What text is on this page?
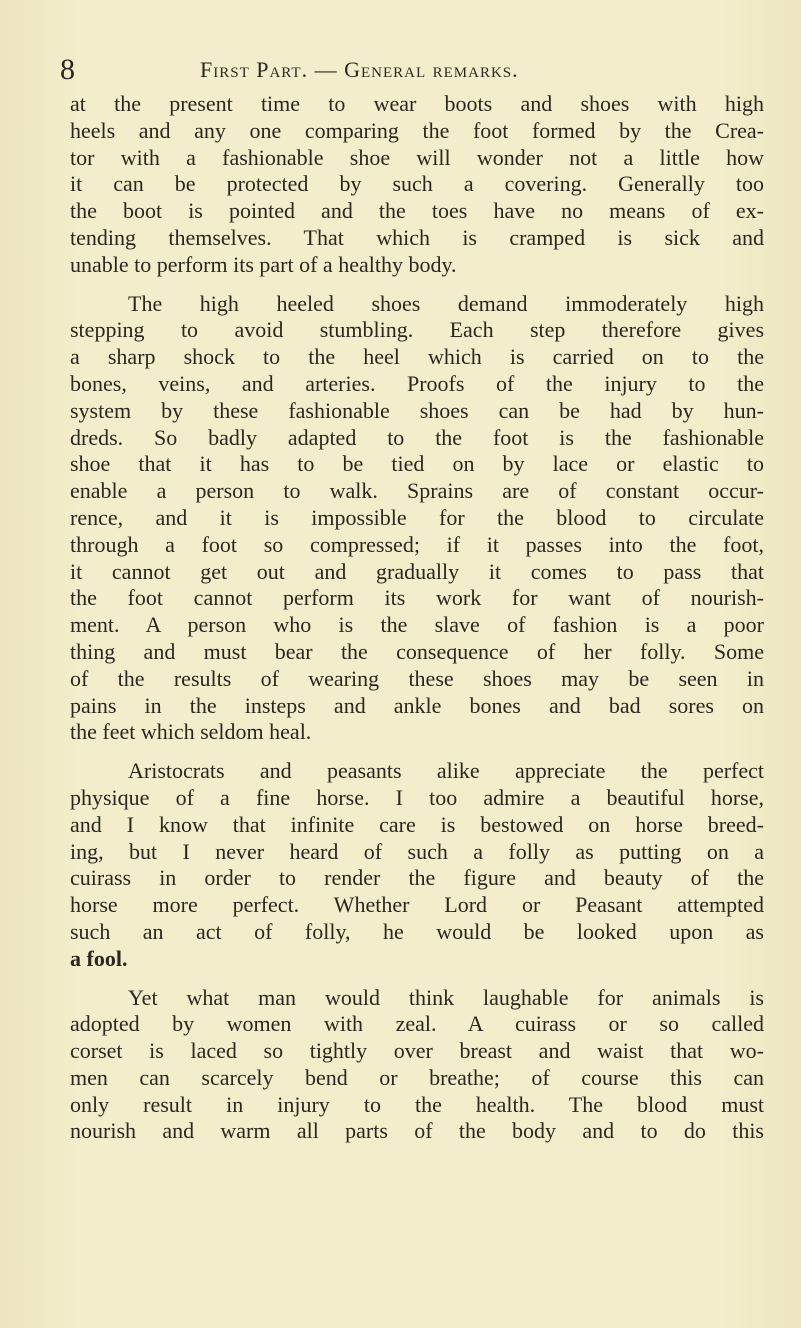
8	First Part. — General remarks.
at the present time to wear boots and shoes with high
heels and any one comparing the foot formed by the Crea-
tor with a fashionable shoe will wonder not a little how
it can be protected by such a covering. Generally too
the boot is pointed and the toes have no means of ex-
tending themselves. That which is cramped is sick and
unable to perform its part of a healthy body.
The high heeled shoes demand immoderately high
stepping to avoid stumbling. Each step therefore gives
a sharp shock to the heel which is carried on to the
bones, veins, and arteries. Proofs of the injury to the
system by these fashionable shoes can be had by hun-
dreds. So badly adapted to the foot is the fashionable
shoe that it has to be tied on by lace or elastic to
enable a person to walk. Sprains are of constant occur-
rence, and it is impossible for the blood to circulate
through a foot so compressed; if it passes into the foot,
it cannot get out and gradually it comes to pass that
the foot cannot perform its work for want of nourish-
ment. A person who is the slave of fashion is a poor
thing and must bear the consequence of her folly. Some
of the results of wearing these shoes may be seen in
pains in the insteps and ankle bones and bad sores on
the feet which seldom heal.
Aristocrats and peasants alike appreciate the perfect
physique of a fine horse. I too admire a beautiful horse,
and I know that infinite care is bestowed on horse breed-
ing, but I never heard of such a folly as putting on a
cuirass in order to render the figure and beauty of the
horse more perfect. Whether Lord or Peasant attempted
such an act of folly, he would be looked upon as
a fool.
Yet what man would think laughable for animals is
adopted by women with zeal. A cuirass or so called
corset is laced so tightly over breast and waist that wo-
men can scarcely bend or breathe; of course this can
only result in injury to the health. The blood must
nourish and warm all parts of the body and to do this
